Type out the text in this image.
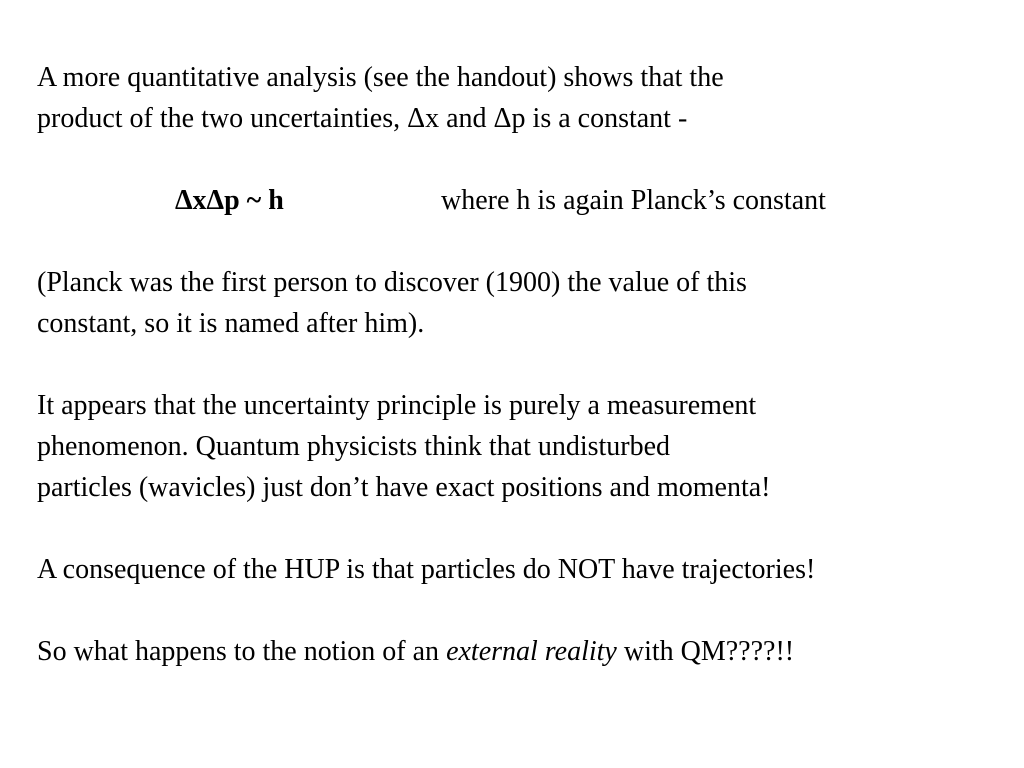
A more quantitative analysis (see the handout) shows that the

product of the two uncertainties, Δx and Δp is a constant -

ΔxΔp ~ h	where h is again Planck’s constant

(Planck was the first person to discover (1900) the value of this

constant, so it is named after him).

It appears that the uncertainty principle is purely a measurement

phenomenon. Quantum physicists think that undisturbed

particles (wavicles) just don’t have exact positions and momenta!

A consequence of the HUP is that particles do NOT have trajectories!

So what happens to the notion of an external reality with QM????!!
